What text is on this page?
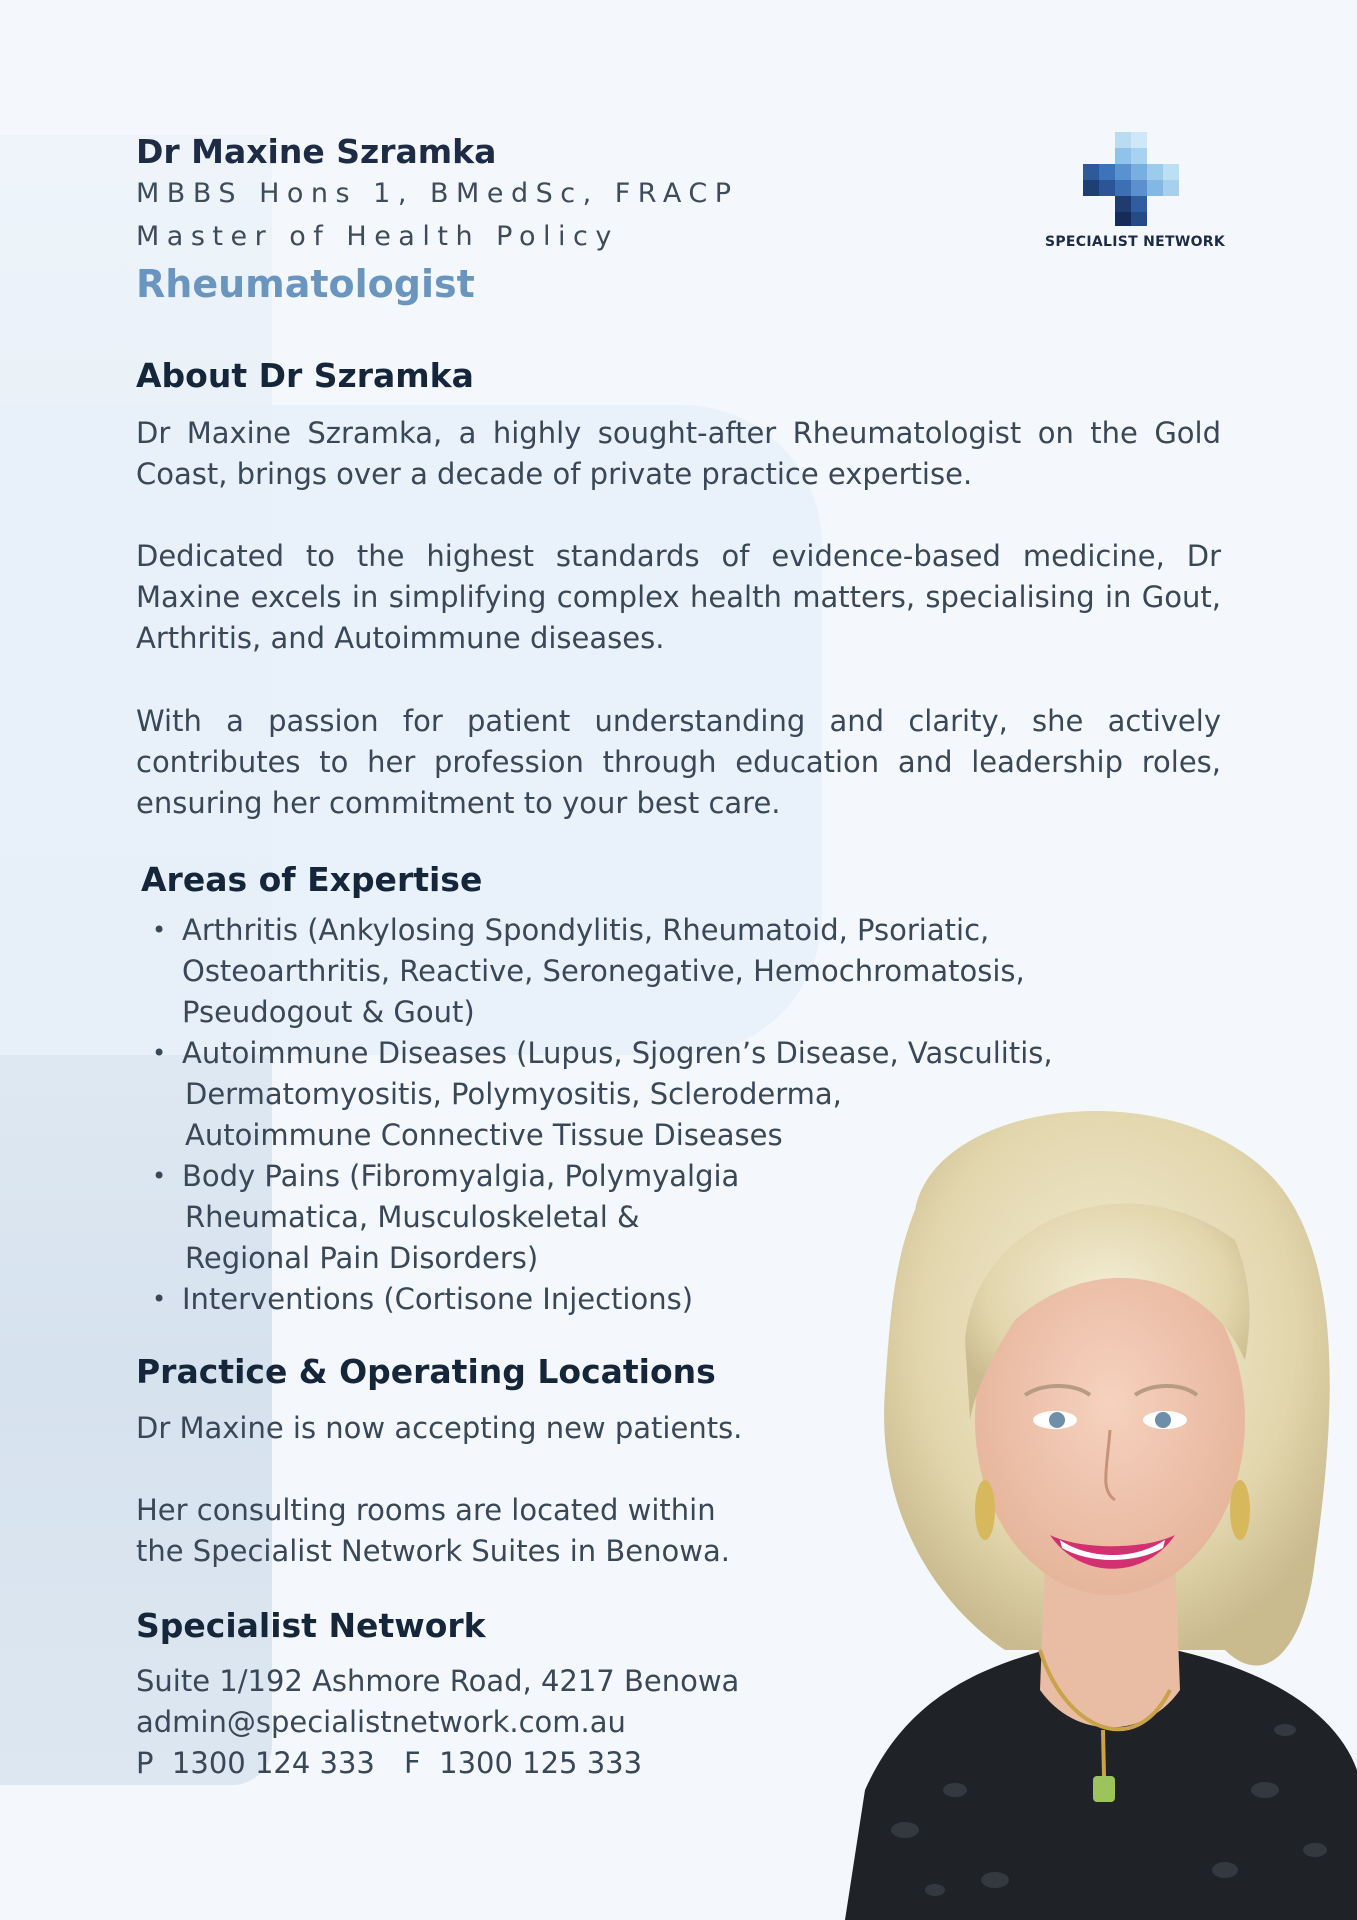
SPECIALIST NETWORK
Dr Maxine Szramka
MBBS Hons 1, BMedSc, FRACP
Master of Health Policy
Rheumatologist
About Dr Szramka
Dr Maxine Szramka, a highly sought-after Rheumatologist on the Gold Coast, brings over a decade of private practice expertise.
Dedicated to the highest standards of evidence-based medicine, Dr Maxine excels in simplifying complex health matters, specialising in Gout, Arthritis, and Autoimmune diseases.
With a passion for patient understanding and clarity, she actively contributes to her profession through education and leadership roles, ensuring her commitment to your best care.
Areas of Expertise
• Arthritis (Ankylosing Spondylitis, Rheumatoid, Psoriatic,
Osteoarthritis, Reactive, Seronegative, Hemochromatosis,
Pseudogout & Gout)
• Autoimmune Diseases (Lupus, Sjogren’s Disease, Vasculitis,
Dermatomyositis, Polymyositis, Scleroderma,
Autoimmune Connective Tissue Diseases
• Body Pains (Fibromyalgia, Polymyalgia
Rheumatica, Musculoskeletal &
Regional Pain Disorders)
• Interventions (Cortisone Injections)
Practice & Operating Locations
Dr Maxine is now accepting new patients.
Her consulting rooms are located within
the Specialist Network Suites in Benowa.
Specialist Network
Suite 1/192 Ashmore Road, 4217 Benowa
admin@specialistnetwork.com.au
P  1300 124 333 F  1300 125 333
